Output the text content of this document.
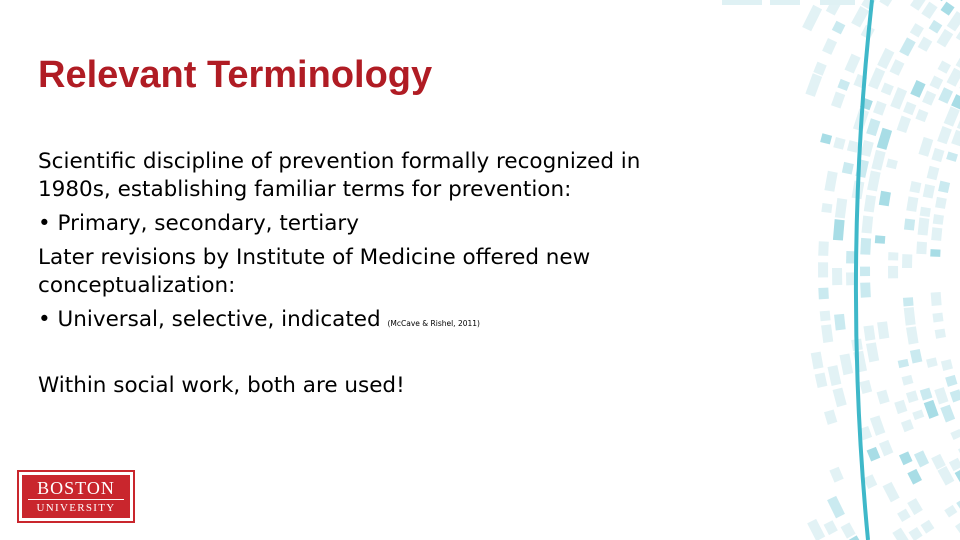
Relevant Terminology

Scientific discipline of prevention formally recognized in 1980s, establishing familiar terms for prevention:

• Primary, secondary, tertiary

Later revisions by Institute of Medicine offered new conceptualization:

• Universal, selective, indicated (McCave & Rishel, 2011)

Within social work, both are used!

BOSTON
UNIVERSITY
